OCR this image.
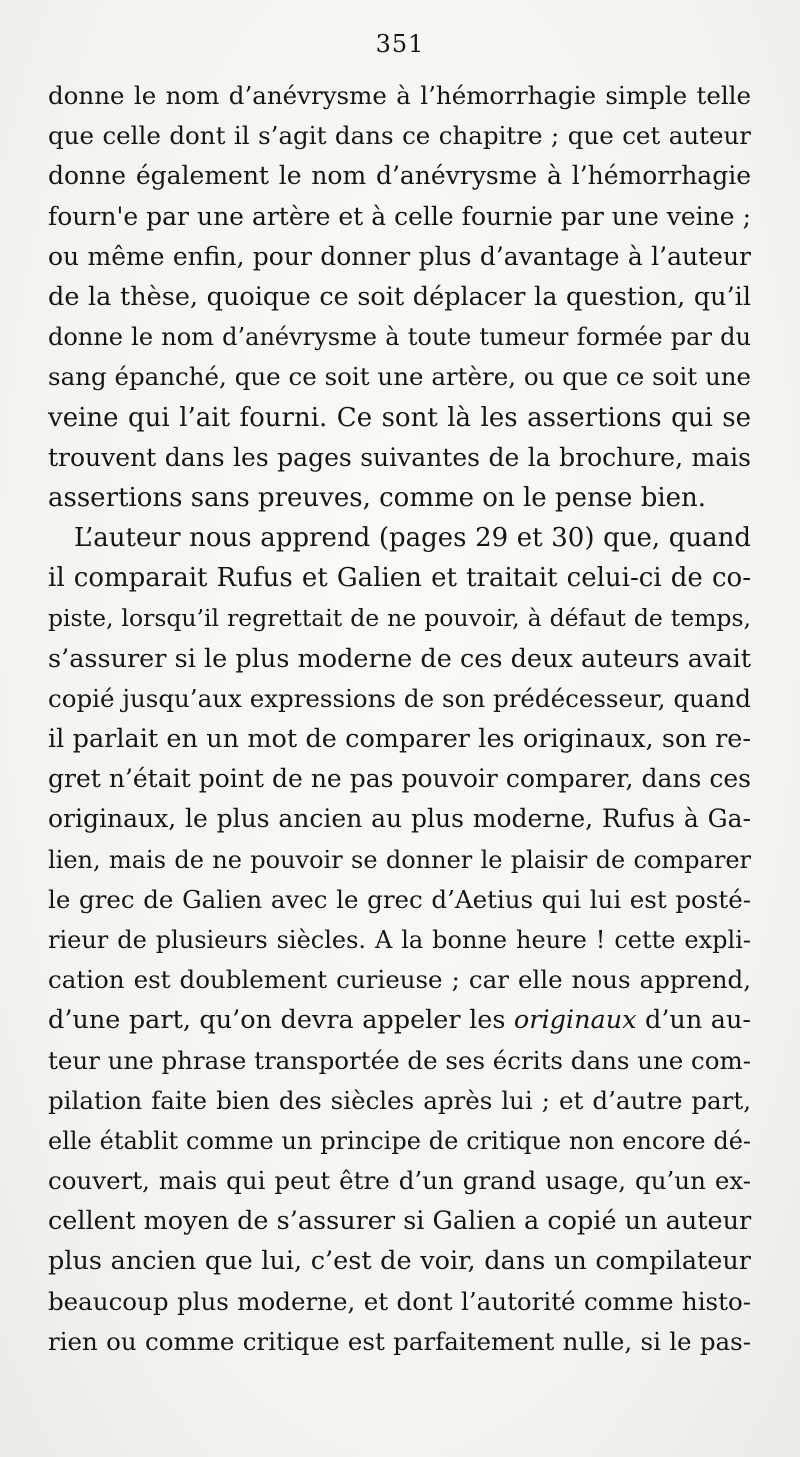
351
donne le nom d’anévrysme à l’hémorrhagie simple telle
que celle dont il s’agit dans ce chapitre ; que cet auteur
donne également le nom d’anévrysme à l’hémorrhagie
fourn'e par une artère et à celle fournie par une veine ;
ou même enfin, pour donner plus d’avantage à l’auteur
de la thèse, quoique ce soit déplacer la question, qu’il
donne le nom d’anévrysme à toute tumeur formée par du
sang épanché, que ce soit une artère, ou que ce soit une
veine qui l’ait fourni. Ce sont là les assertions qui se
trouvent dans les pages suivantes de la brochure, mais
assertions sans preuves, comme on le pense bien.
L’auteur nous apprend (pages 29 et 30) que, quand
il comparait Rufus et Galien et traitait celui-ci de co-
piste, lorsqu’il regrettait de ne pouvoir, à défaut de temps,
s’assurer si le plus moderne de ces deux auteurs avait
copié jusqu’aux expressions de son prédécesseur, quand
il parlait en un mot de comparer les originaux, son re-
gret n’était point de ne pas pouvoir comparer, dans ces
originaux, le plus ancien au plus moderne, Rufus à Ga-
lien, mais de ne pouvoir se donner le plaisir de comparer
le grec de Galien avec le grec d’Aetius qui lui est posté-
rieur de plusieurs siècles. A la bonne heure ! cette expli-
cation est doublement curieuse ; car elle nous apprend,
d’une part, qu’on devra appeler les originaux d’un au-
teur une phrase transportée de ses écrits dans une com-
pilation faite bien des siècles après lui ; et d’autre part,
elle établit comme un principe de critique non encore dé-
couvert, mais qui peut être d’un grand usage, qu’un ex-
cellent moyen de s’assurer si Galien a copié un auteur
plus ancien que lui, c’est de voir, dans un compilateur
beaucoup plus moderne, et dont l’autorité comme histo-
rien ou comme critique est parfaitement nulle, si le pas-
